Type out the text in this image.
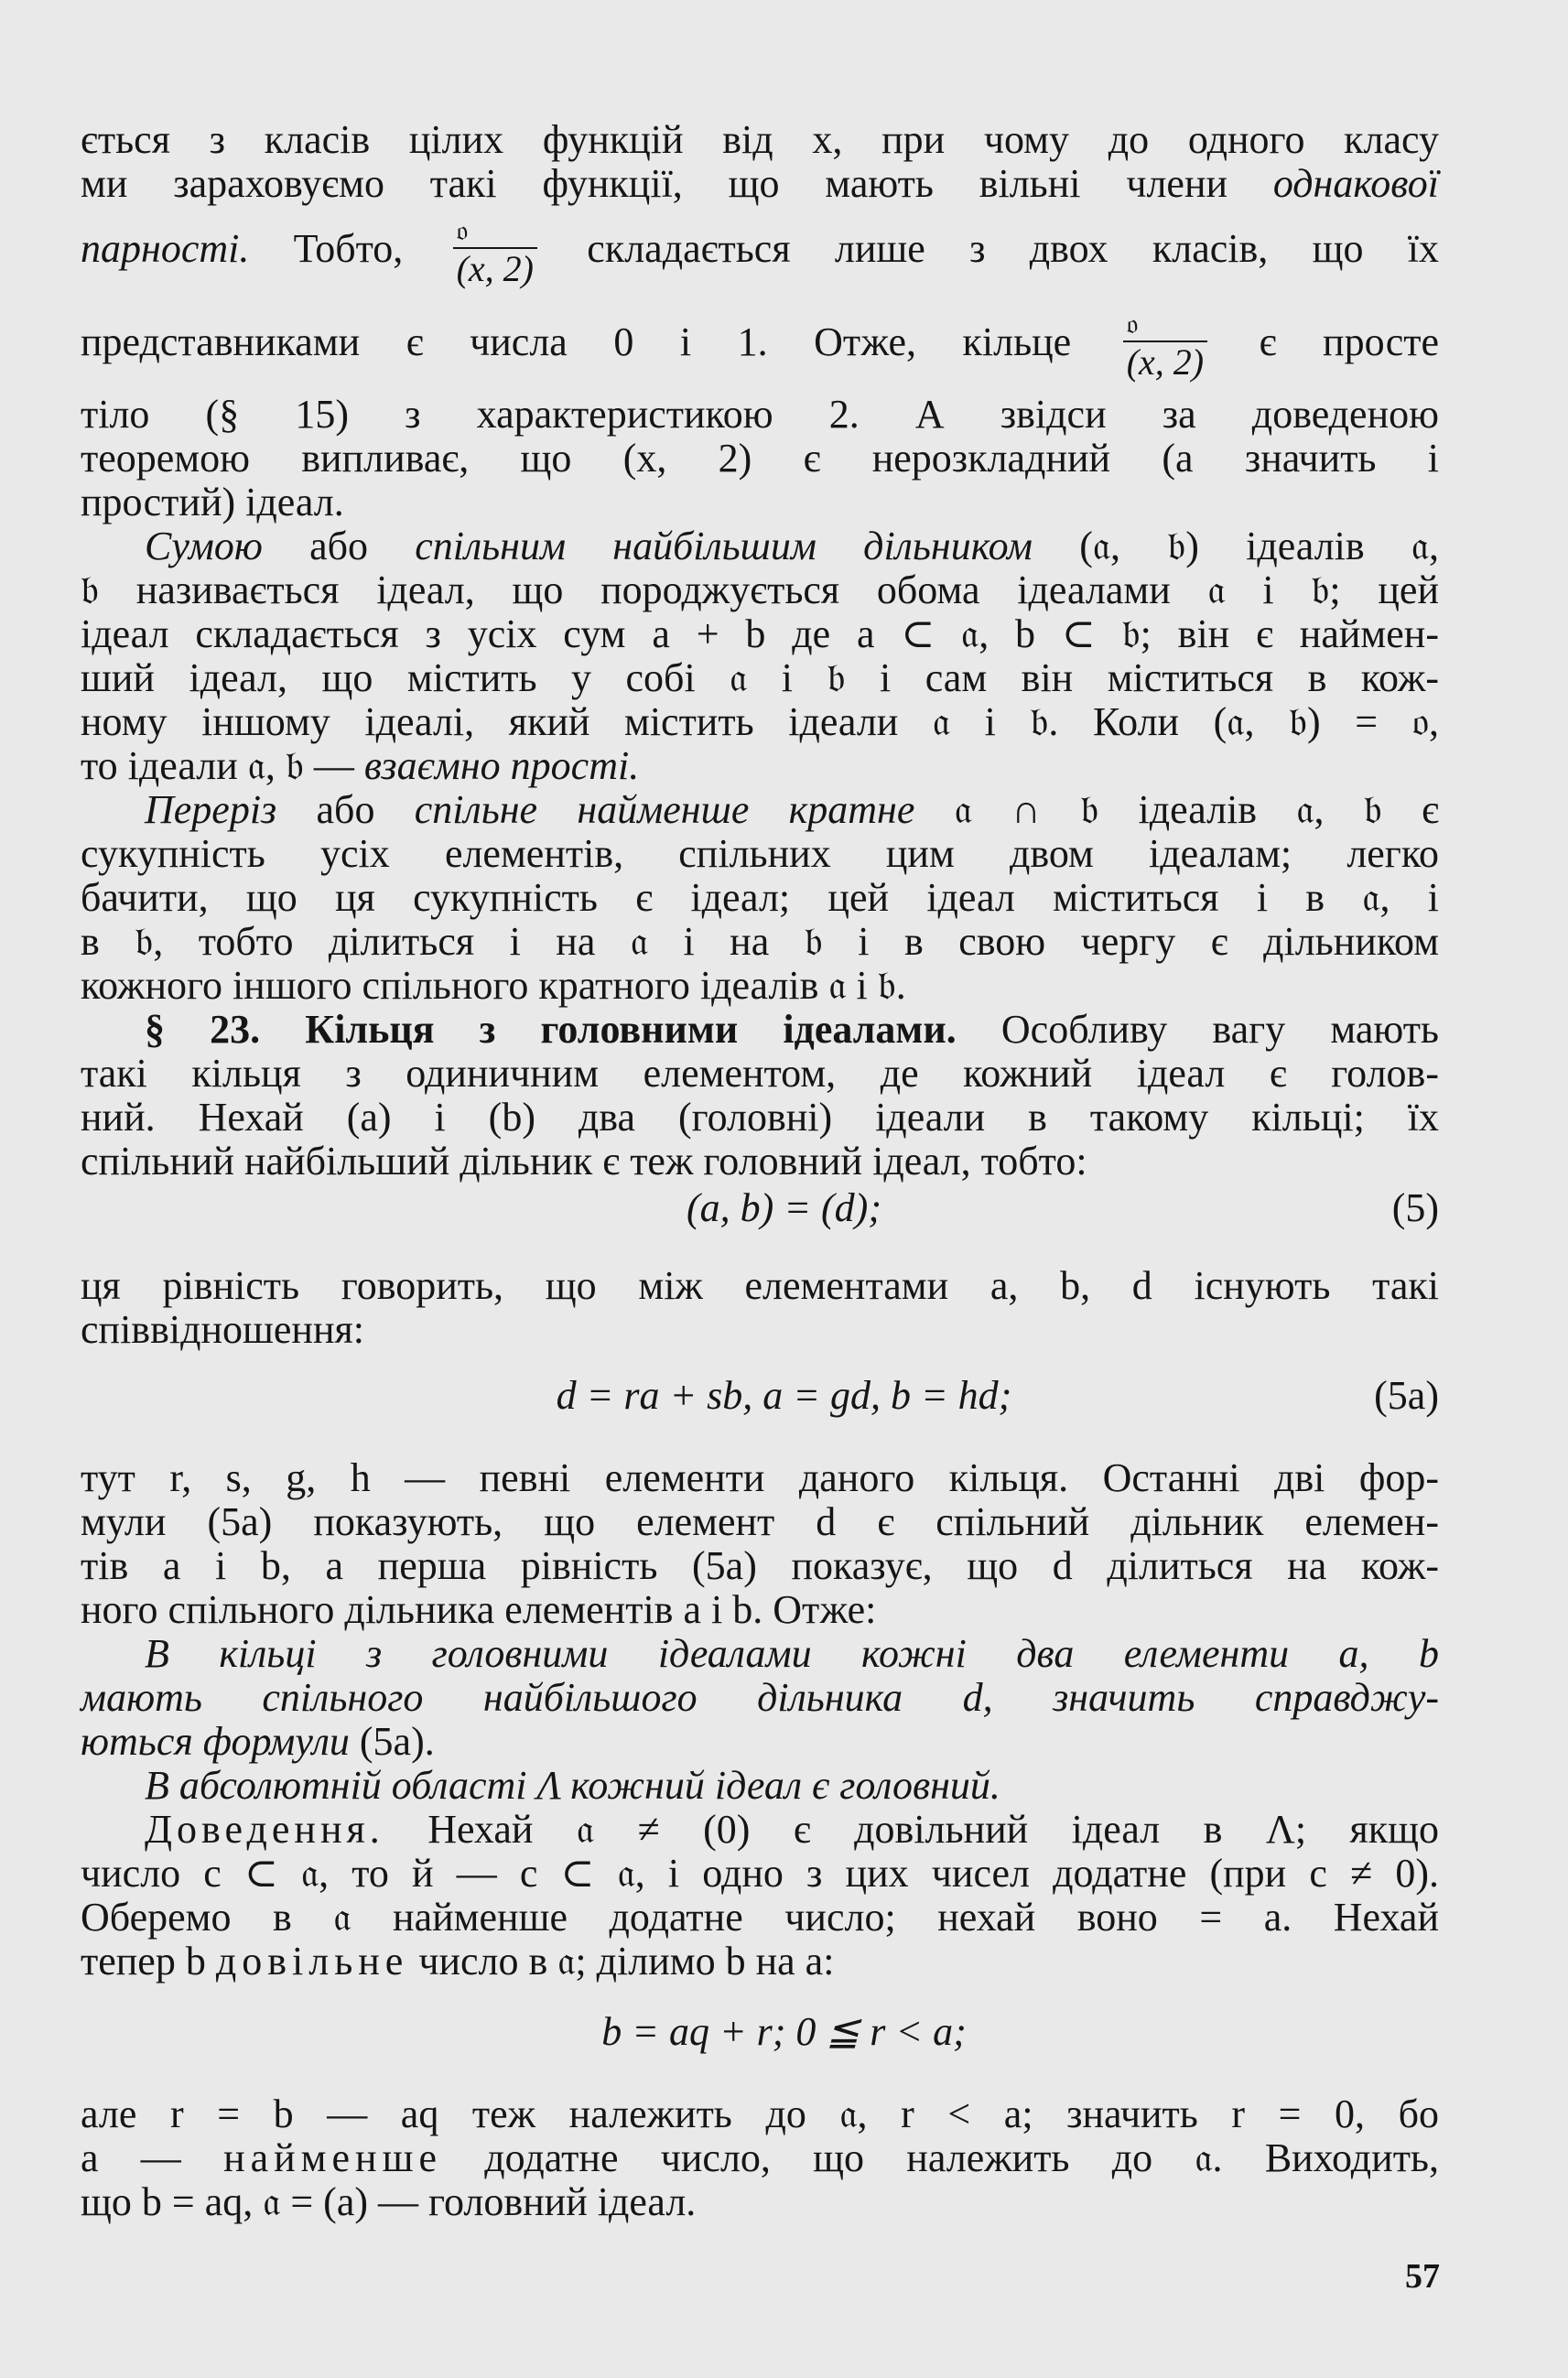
ється з класів цілих функцій від x, при чому до одного класу
ми зараховуємо такі функції, що мають вільні члени однакової
парності. Тобто, $\frac{\text{𝔬}}{(x, 2)}$ складається лише з двох класів, що їх
представниками є числа 0 і 1. Отже, кільце $\frac{\text{𝔬}}{(x, 2)}$ є просте
тіло (§ 15) з характеристикою 2. А звідси за доведеною
теоремою випливає, що (x, 2) є нерозкладний (а значить і
простий) ідеал.
Сумою або спільним найбільшим дільником (𝔞, 𝔟) ідеалів 𝔞,
𝔟 називається ідеал, що породжується обома ідеалами 𝔞 і 𝔟; цей
ідеал складається з усіх сум a + b де a ⊂ 𝔞, b ⊂ 𝔟; він є наймен-
ший ідеал, що містить у собі 𝔞 і 𝔟 і сам він міститься в кож-
ному іншому ідеалі, який містить ідеали 𝔞 і 𝔟. Коли (𝔞, 𝔟) = 𝔬,
то ідеали 𝔞, 𝔟 — взаємно прості.
Переріз або спільне найменше кратне 𝔞 ∩ 𝔟 ідеалів 𝔞, 𝔟 є
сукупність усіх елементів, спільних цим двом ідеалам; легко
бачити, що ця сукупність є ідеал; цей ідеал міститься і в 𝔞, і
в 𝔟, тобто ділиться і на 𝔞 і на 𝔟 і в свою чергу є дільником
кожного іншого спільного кратного ідеалів 𝔞 і 𝔟.
§ 23. Кільця з головними ідеалами. Особливу вагу мають
такі кільця з одиничним елементом, де кожний ідеал є голов-
ний. Нехай (a) і (b) два (головні) ідеали в такому кільці; їх
спільний найбільший дільник є теж головний ідеал, тобто:
(a, b) = (d);	(5)
ця рівність говорить, що між елементами a, b, d існують такі
співвідношення:
d = ra + sb, a = gd, b = hd;	(5a)
тут r, s, g, h — певні елементи даного кільця. Останні дві фор-
мули (5а) показують, що елемент d є спільний дільник елемен-
тів a і b, а перша рівність (5а) показує, що d ділиться на кож-
ного спільного дільника елементів a і b. Отже:
В кільці з головними ідеалами кожні два елементи a, b
мають спільного найбільшого дільника d, значить справджу-
ються формули (5а).
В абсолютній області Λ кожний ідеал є головний.
Доведення. Нехай 𝔞 ≠ (0) є довільний ідеал в Λ; якщо
число c ⊂ 𝔞, то й — c ⊂ 𝔞, і одно з цих чисел додатне (при c ≠ 0).
Оберемо в 𝔞 найменше додатне число; нехай воно = a. Нехай
тепер b довільне число в 𝔞; ділимо b на a:
b = aq + r; 0 ≦ r < a;
але r = b — aq теж належить до 𝔞, r < a; значить r = 0, бо
a — найменше додатне число, що належить до 𝔞. Виходить,
що b = aq, 𝔞 = (a) — головний ідеал.
57
